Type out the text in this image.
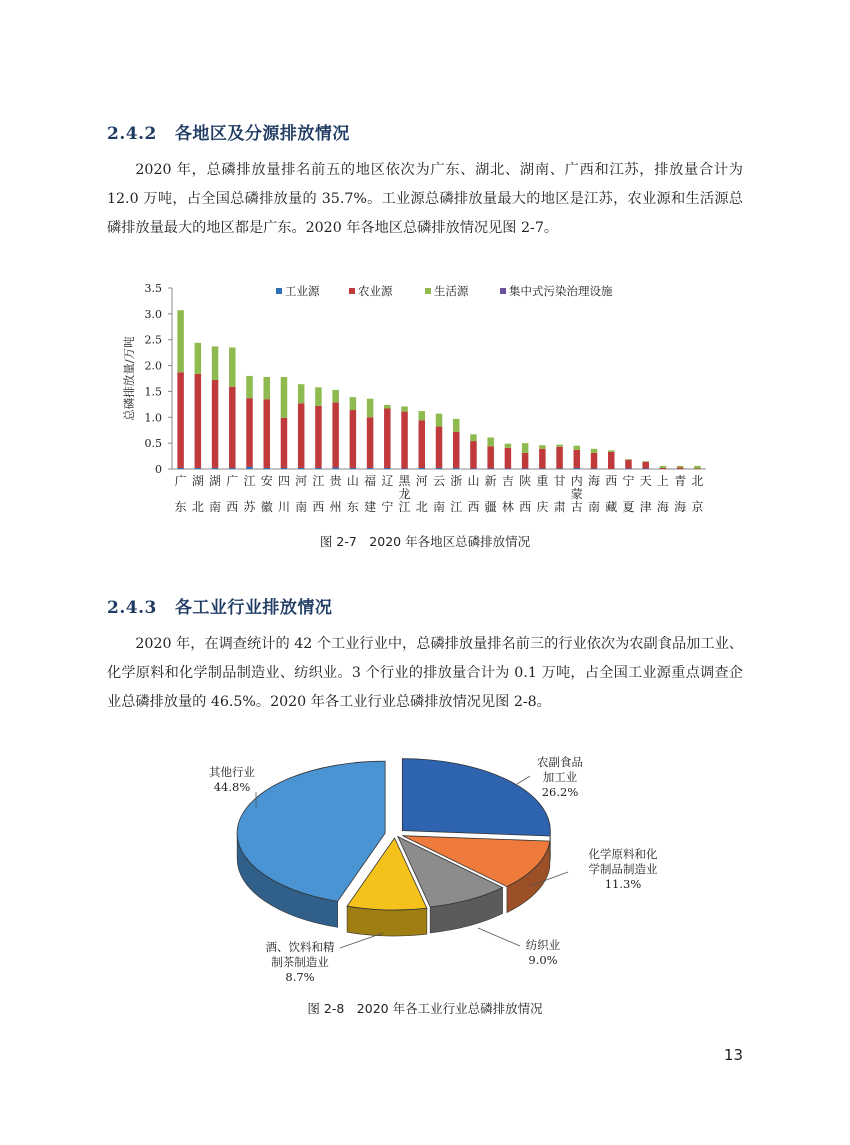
2.4.2 各地区及分源排放情况

2020 年，总磷排放量排名前五的地区依次为广东、湖北、湖南、广西和江苏，排放量合计为 12.0 万吨，占全国总磷排放量的 35.7%。工业源总磷排放量最大的地区是江苏，农业源和生活源总磷排放量最大的地区都是广东。2020 年各地区总磷排放情况见图 2-7。

0
0.5
1.0
1.5
2.0
2.5
3.0
3.5
总磷排放量/万吨
工业源	农业源	生活源	集中式污染治理设施
广
东
湖
北
湖
南
广
西
江
苏
安
徽
四
川
河
南
江
西
贵
州
山
东
福
建
辽
宁
黑
龙
江
河
北
云
南
浙
江
山
西
新
疆
吉
林
陕
西
重
庆
甘
肃
内
蒙
古
海
南
西
藏
宁
夏
天
津
上
海
青
海
北
京
图 2-7　2020 年各地区总磷排放情况
2.4.3 各工业行业排放情况

2020 年，在调查统计的 42 个工业行业中，总磷排放量排名前三的行业依次为农副食品加工业、化学原料和化学制品制造业、纺织业。3 个行业的排放量合计为 0.1 万吨，占全国工业源重点调查企业总磷排放量的 46.5%。2020 年各工业行业总磷排放情况见图 2-8。

农副食品
加工业
26.2%
化学原料和化
学制品制造业
11.3%
纺织业
9.0%
酒、饮料和精
制茶制造业
8.7%
其他行业
44.8%
图 2-8　2020 年各工业行业总磷排放情况
13
